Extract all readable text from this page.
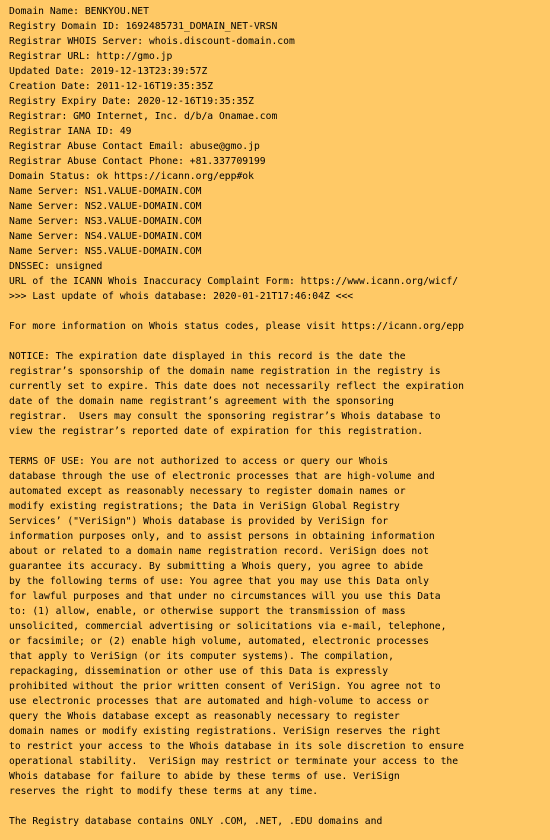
Domain Name: BENKYOU.NET
Registry Domain ID: 1692485731_DOMAIN_NET-VRSN
Registrar WHOIS Server: whois.discount-domain.com
Registrar URL: http://gmo.jp
Updated Date: 2019-12-13T23:39:57Z
Creation Date: 2011-12-16T19:35:35Z
Registry Expiry Date: 2020-12-16T19:35:35Z
Registrar: GMO Internet, Inc. d/b/a Onamae.com
Registrar IANA ID: 49
Registrar Abuse Contact Email: abuse@gmo.jp
Registrar Abuse Contact Phone: +81.337709199
Domain Status: ok https://icann.org/epp#ok
Name Server: NS1.VALUE-DOMAIN.COM
Name Server: NS2.VALUE-DOMAIN.COM
Name Server: NS3.VALUE-DOMAIN.COM
Name Server: NS4.VALUE-DOMAIN.COM
Name Server: NS5.VALUE-DOMAIN.COM
DNSSEC: unsigned
URL of the ICANN Whois Inaccuracy Complaint Form: https://www.icann.org/wicf/
>>> Last update of whois database: 2020-01-21T17:46:04Z <<<
For more information on Whois status codes, please visit https://icann.org/epp
NOTICE: The expiration date displayed in this record is the date the
registrar’s sponsorship of the domain name registration in the registry is
currently set to expire. This date does not necessarily reflect the expiration
date of the domain name registrant’s agreement with the sponsoring
registrar.  Users may consult the sponsoring registrar’s Whois database to
view the registrar’s reported date of expiration for this registration.
TERMS OF USE: You are not authorized to access or query our Whois
database through the use of electronic processes that are high-volume and
automated except as reasonably necessary to register domain names or
modify existing registrations; the Data in VeriSign Global Registry
Services’ ("VeriSign") Whois database is provided by VeriSign for
information purposes only, and to assist persons in obtaining information
about or related to a domain name registration record. VeriSign does not
guarantee its accuracy. By submitting a Whois query, you agree to abide
by the following terms of use: You agree that you may use this Data only
for lawful purposes and that under no circumstances will you use this Data
to: (1) allow, enable, or otherwise support the transmission of mass
unsolicited, commercial advertising or solicitations via e-mail, telephone,
or facsimile; or (2) enable high volume, automated, electronic processes
that apply to VeriSign (or its computer systems). The compilation,
repackaging, dissemination or other use of this Data is expressly
prohibited without the prior written consent of VeriSign. You agree not to
use electronic processes that are automated and high-volume to access or
query the Whois database except as reasonably necessary to register
domain names or modify existing registrations. VeriSign reserves the right
to restrict your access to the Whois database in its sole discretion to ensure
operational stability.  VeriSign may restrict or terminate your access to the
Whois database for failure to abide by these terms of use. VeriSign
reserves the right to modify these terms at any time.
The Registry database contains ONLY .COM, .NET, .EDU domains and
